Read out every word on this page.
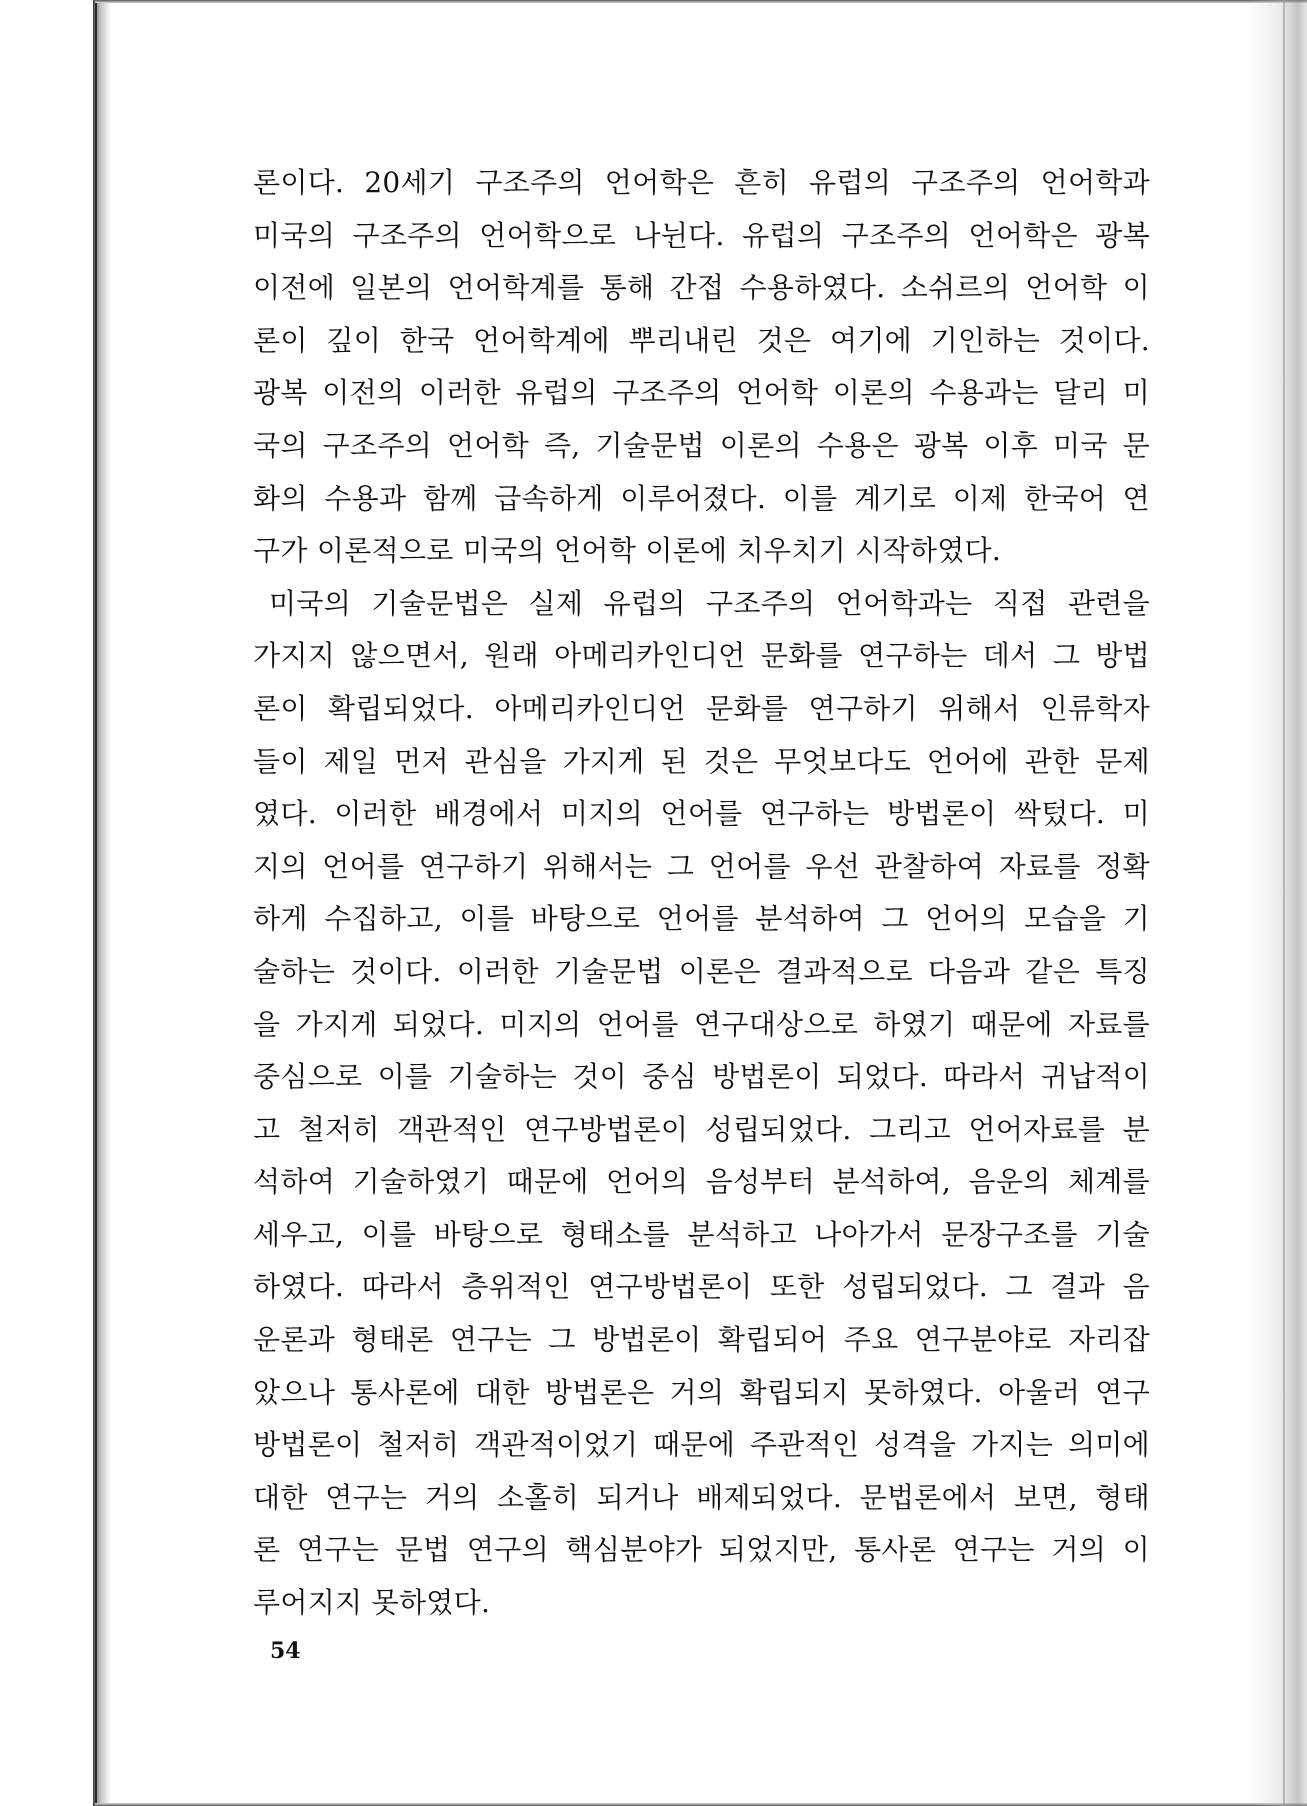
론이다. 20세기 구조주의 언어학은 흔히 유럽의 구조주의 언어학과
미국의 구조주의 언어학으로 나뉜다. 유럽의 구조주의 언어학은 광복
이전에 일본의 언어학계를 통해 간접 수용하였다. 소쉬르의 언어학 이
론이 깊이 한국 언어학계에 뿌리내린 것은 여기에 기인하는 것이다.
광복 이전의 이러한 유럽의 구조주의 언어학 이론의 수용과는 달리 미
국의 구조주의 언어학 즉, 기술문법 이론의 수용은 광복 이후 미국 문
화의 수용과 함께 급속하게 이루어졌다. 이를 계기로 이제 한국어 연
구가 이론적으로 미국의 언어학 이론에 치우치기 시작하였다.
미국의 기술문법은 실제 유럽의 구조주의 언어학과는 직접 관련을
가지지 않으면서, 원래 아메리카인디언 문화를 연구하는 데서 그 방법
론이 확립되었다. 아메리카인디언 문화를 연구하기 위해서 인류학자
들이 제일 먼저 관심을 가지게 된 것은 무엇보다도 언어에 관한 문제
였다. 이러한 배경에서 미지의 언어를 연구하는 방법론이 싹텄다. 미
지의 언어를 연구하기 위해서는 그 언어를 우선 관찰하여 자료를 정확
하게 수집하고, 이를 바탕으로 언어를 분석하여 그 언어의 모습을 기
술하는 것이다. 이러한 기술문법 이론은 결과적으로 다음과 같은 특징
을 가지게 되었다. 미지의 언어를 연구대상으로 하였기 때문에 자료를
중심으로 이를 기술하는 것이 중심 방법론이 되었다. 따라서 귀납적이
고 철저히 객관적인 연구방법론이 성립되었다. 그리고 언어자료를 분
석하여 기술하였기 때문에 언어의 음성부터 분석하여, 음운의 체계를
세우고, 이를 바탕으로 형태소를 분석하고 나아가서 문장구조를 기술
하였다. 따라서 층위적인 연구방법론이 또한 성립되었다. 그 결과 음
운론과 형태론 연구는 그 방법론이 확립되어 주요 연구분야로 자리잡
았으나 통사론에 대한 방법론은 거의 확립되지 못하였다. 아울러 연구
방법론이 철저히 객관적이었기 때문에 주관적인 성격을 가지는 의미에
대한 연구는 거의 소홀히 되거나 배제되었다. 문법론에서 보면, 형태
론 연구는 문법 연구의 핵심분야가 되었지만, 통사론 연구는 거의 이
루어지지 못하였다.
54
